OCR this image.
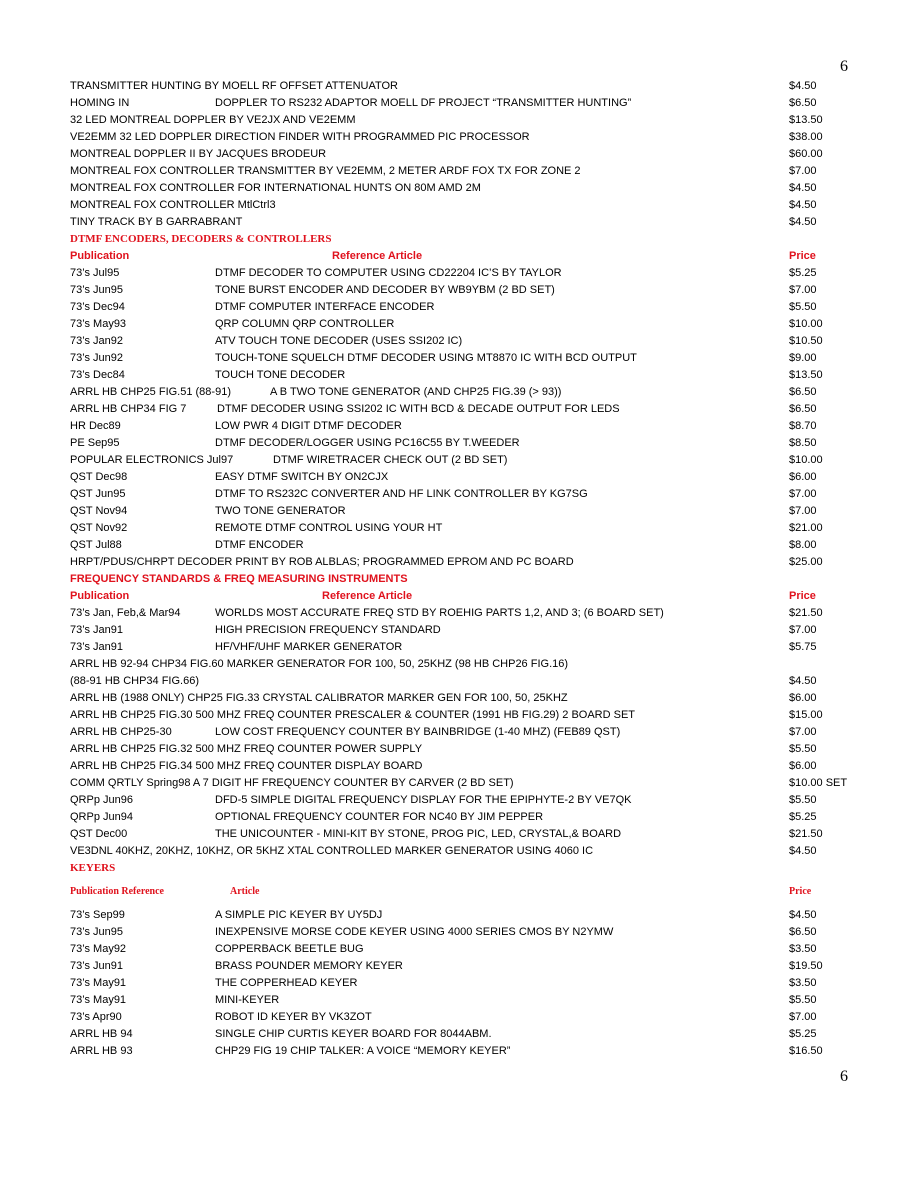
6
TRANSMITTER HUNTING BY MOELL RF OFFSET ATTENUATOR	$4.50
HOMING IN	DOPPLER TO RS232 ADAPTOR MOELL DF PROJECT “TRANSMITTER HUNTING”	$6.50
32 LED MONTREAL DOPPLER BY VE2JX AND VE2EMM	$13.50
VE2EMM 32 LED DOPPLER DIRECTION FINDER WITH PROGRAMMED PIC PROCESSOR	$38.00
MONTREAL DOPPLER II BY JACQUES BRODEUR	$60.00
MONTREAL FOX CONTROLLER TRANSMITTER BY VE2EMM, 2 METER ARDF FOX TX FOR ZONE 2	$7.00
MONTREAL FOX CONTROLLER FOR INTERNATIONAL HUNTS ON 80M AMD 2M	$4.50
MONTREAL FOX CONTROLLER MtlCtrl3	$4.50
TINY TRACK BY B GARRABRANT	$4.50
DTMF ENCODERS, DECODERS & CONTROLLERS
Publication	Reference Article	Price
73’s Jul95	DTMF DECODER TO COMPUTER USING CD22204 IC’S BY TAYLOR	$5.25
73’s Jun95	TONE BURST ENCODER AND DECODER BY WB9YBM (2 BD SET)	$7.00
73’s Dec94	DTMF COMPUTER INTERFACE ENCODER	$5.50
73’s May93	QRP COLUMN QRP CONTROLLER	$10.00
73’s Jan92	ATV TOUCH TONE DECODER (USES SSI202 IC)	$10.50
73’s Jun92	TOUCH-TONE SQUELCH DTMF DECODER USING MT8870 IC WITH BCD OUTPUT	$9.00
73’s Dec84	TOUCH TONE DECODER	$13.50
ARRL HB CHP25 FIG.51 (88-91)	A B TWO TONE GENERATOR (AND CHP25 FIG.39 (> 93))	$6.50
ARRL HB CHP34 FIG 7	DTMF DECODER USING SSI202 IC WITH BCD & DECADE OUTPUT FOR LEDS	$6.50
HR Dec89	LOW PWR 4 DIGIT DTMF DECODER	$8.70
PE Sep95	DTMF DECODER/LOGGER USING PC16C55 BY T.WEEDER	$8.50
POPULAR ELECTRONICS Jul97	DTMF WIRETRACER CHECK OUT (2 BD SET)	$10.00
QST Dec98	EASY DTMF SWITCH BY ON2CJX	$6.00
QST Jun95	DTMF TO RS232C CONVERTER AND HF LINK CONTROLLER BY KG7SG	$7.00
QST Nov94	TWO TONE GENERATOR	$7.00
QST Nov92	REMOTE DTMF CONTROL USING YOUR HT	$21.00
QST Jul88	DTMF ENCODER	$8.00
HRPT/PDUS/CHRPT DECODER PRINT BY ROB ALBLAS; PROGRAMMED EPROM AND PC BOARD	$25.00
FREQUENCY STANDARDS & FREQ MEASURING INSTRUMENTS
Publication	Reference Article	Price
73’s Jan, Feb,& Mar94	WORLDS MOST ACCURATE FREQ STD BY ROEHIG PARTS 1,2, AND 3; (6 BOARD SET)	$21.50
73’s Jan91	HIGH PRECISION FREQUENCY STANDARD	$7.00
73’s Jan91	HF/VHF/UHF MARKER GENERATOR	$5.75
ARRL HB 92-94 CHP34 FIG.60 MARKER GENERATOR FOR 100, 50, 25KHZ (98 HB CHP26 FIG.16)
(88-91 HB CHP34 FIG.66)	$4.50
ARRL HB (1988 ONLY) CHP25 FIG.33 CRYSTAL CALIBRATOR MARKER GEN FOR 100, 50, 25KHZ	$6.00
ARRL HB CHP25 FIG.30 500 MHZ FREQ COUNTER PRESCALER & COUNTER (1991 HB FIG.29) 2 BOARD SET	$15.00
ARRL HB CHP25-30	LOW COST FREQUENCY COUNTER BY BAINBRIDGE (1-40 MHZ) (FEB89 QST)	$7.00
ARRL HB CHP25 FIG.32 500 MHZ FREQ COUNTER POWER SUPPLY	$5.50
ARRL HB CHP25 FIG.34 500 MHZ FREQ COUNTER DISPLAY BOARD	$6.00
COMM QRTLY Spring98 A 7 DIGIT HF FREQUENCY COUNTER BY CARVER (2 BD SET)	$10.00 SET
QRPp Jun96	DFD-5 SIMPLE DIGITAL FREQUENCY DISPLAY FOR THE EPIPHYTE-2 BY VE7QK	$5.50
QRPp Jun94	OPTIONAL FREQUENCY COUNTER FOR NC40 BY JIM PEPPER	$5.25
QST Dec00	THE UNICOUNTER - MINI-KIT BY STONE, PROG PIC, LED, CRYSTAL,& BOARD	$21.50
VE3DNL 40KHZ, 20KHZ, 10KHZ, OR 5KHZ XTAL CONTROLLED MARKER GENERATOR USING 4060 IC	$4.50
KEYERS
Publication Reference	Article	Price
73’s Sep99	A SIMPLE PIC KEYER BY UY5DJ	$4.50
73’s Jun95	INEXPENSIVE MORSE CODE KEYER USING 4000 SERIES CMOS BY N2YMW	$6.50
73’s May92	COPPERBACK BEETLE BUG	$3.50
73’s Jun91	BRASS POUNDER MEMORY KEYER	$19.50
73’s May91	THE COPPERHEAD KEYER	$3.50
73’s May91	MINI-KEYER	$5.50
73’s Apr90	ROBOT ID KEYER BY VK3ZOT	$7.00
ARRL HB 94	SINGLE CHIP CURTIS KEYER BOARD FOR 8044ABM.	$5.25
ARRL HB 93	CHP29 FIG 19 CHIP TALKER: A VOICE “MEMORY KEYER”	$16.50
6
